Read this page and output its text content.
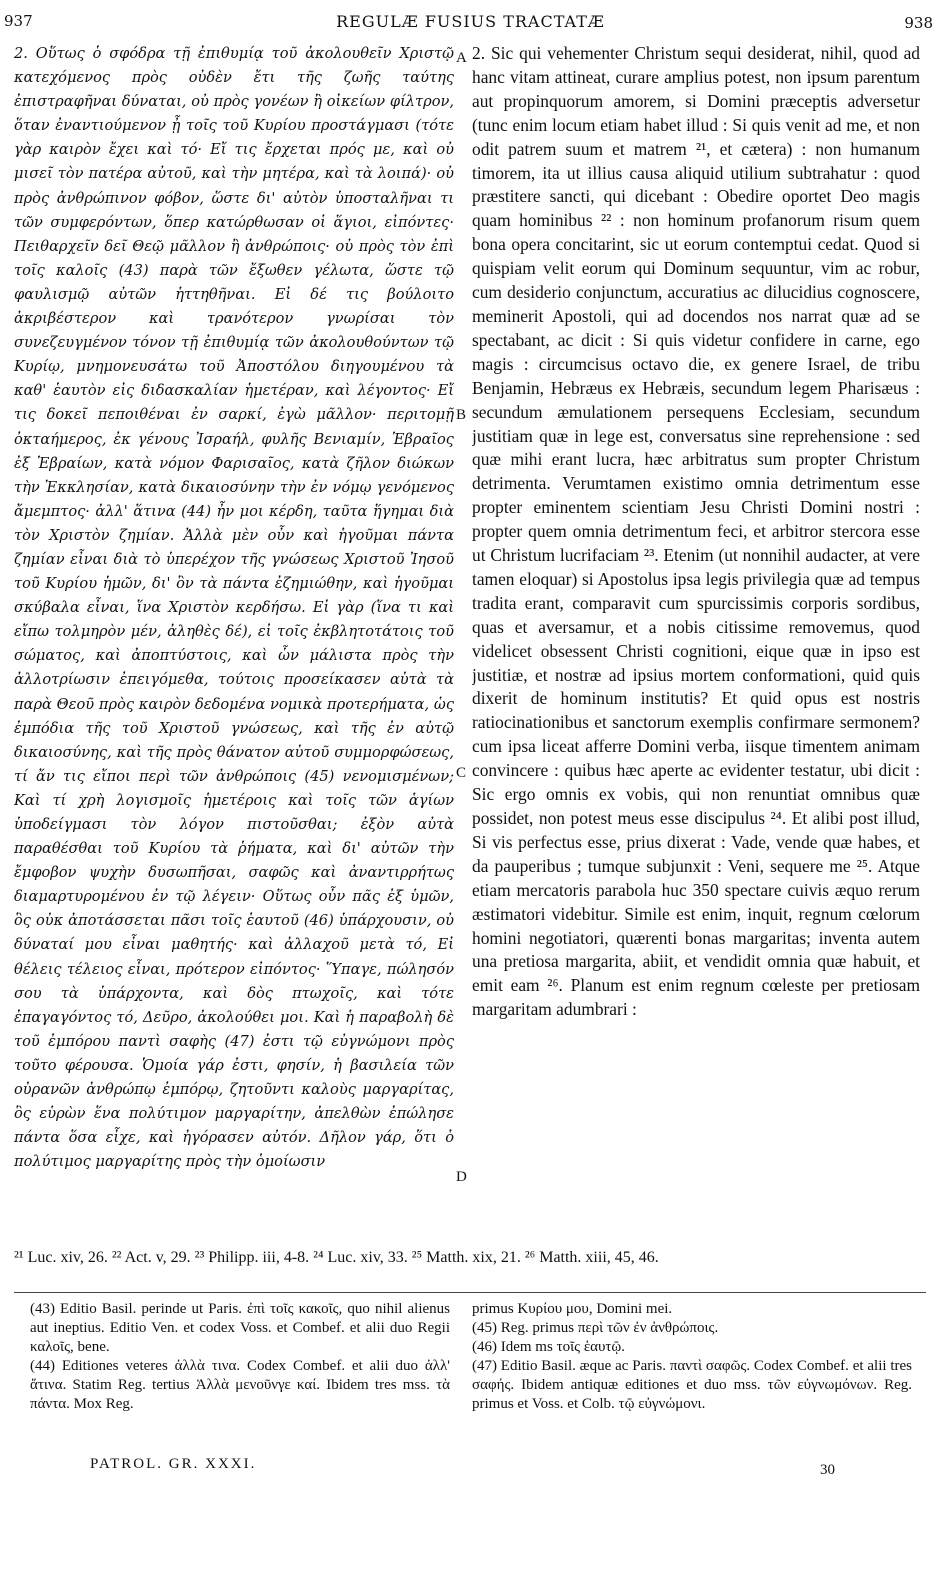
937	REGULÆ FUSIUS TRACTATÆ	938

2. Οὕτως ὁ σφόδρα τῇ ἐπιθυμίᾳ τοῦ ἀκολουθεῖν Χριστῷ κατεχόμενος πρὸς οὐδὲν ἔτι τῆς ζωῆς ταύτης ἐπιστραφῆναι δύναται, οὐ πρὸς γονέων ἢ οἰκείων φίλτρον, ὅταν ἐναντιούμενον ᾖ τοῖς τοῦ Κυρίου προστάγμασι (τότε γὰρ καιρὸν ἔχει καὶ τό· Εἴ τις ἔρχεται πρός με, καὶ οὐ μισεῖ τὸν πατέρα αὐτοῦ, καὶ τὴν μητέρα, καὶ τὰ λοιπά)· οὐ πρὸς ἀνθρώπινον φόβον, ὥστε δι' αὐτὸν ὑποσταλῆναι τι τῶν συμφερόντων, ὅπερ κατώρθωσαν οἱ ἅγιοι, εἰπόντες· Πειθαρχεῖν δεῖ Θεῷ μᾶλλον ἢ ἀνθρώποις· οὐ πρὸς τὸν ἐπὶ τοῖς καλοῖς (43) παρὰ τῶν ἔξωθεν γέλωτα, ὥστε τῷ φαυλισμῷ αὐτῶν ἡττηθῆναι. Εἰ δέ τις βούλοιτο ἀκριβέστερον καὶ τρανότερον γνωρίσαι τὸν συνεζευγμένον τόνον τῇ ἐπιθυμίᾳ τῶν ἀκολουθούντων τῷ Κυρίῳ, μνημονευσάτω τοῦ Ἀποστόλου διηγουμένου τὰ καθ' ἑαυτὸν εἰς διδασκαλίαν ἡμετέραν, καὶ λέγοντος· Εἴ τις δοκεῖ πεποιθέναι ἐν σαρκί, ἐγὼ μᾶλλον· περιτομῇ ὀκταήμερος, ἐκ γένους Ἰσραήλ, φυλῆς Βενιαμίν, Ἑβραῖος ἐξ Ἑβραίων, κατὰ νόμον Φαρισαῖος, κατὰ ζῆλον διώκων τὴν Ἐκκλησίαν, κατὰ δικαιοσύνην τὴν ἐν νόμῳ γενόμενος ἄμεμπτος· ἀλλ' ἅτινα (44) ἦν μοι κέρδη, ταῦτα ἥγημαι διὰ τὸν Χριστὸν ζημίαν. Ἀλλὰ μὲν οὖν καὶ ἡγοῦμαι πάντα ζημίαν εἶναι διὰ τὸ ὑπερέχον τῆς γνώσεως Χριστοῦ Ἰησοῦ τοῦ Κυρίου ἡμῶν, δι' ὃν τὰ πάντα ἐζημιώθην, καὶ ἡγοῦμαι σκύβαλα εἶναι, ἵνα Χριστὸν κερδήσω. Εἰ γὰρ (ἵνα τι καὶ εἴπω τολμηρὸν μέν, ἀληθὲς δέ), εἰ τοῖς ἐκβλητοτάτοις τοῦ σώματος, καὶ ἀποπτύστοις, καὶ ὧν μάλιστα πρὸς τὴν ἀλλοτρίωσιν ἐπειγόμεθα, τούτοις προσείκασεν αὐτὰ τὰ παρὰ Θεοῦ πρὸς καιρὸν δεδομένα νομικὰ προτερήματα, ὡς ἐμπόδια τῆς τοῦ Χριστοῦ γνώσεως, καὶ τῆς ἐν αὐτῷ δικαιοσύνης, καὶ τῆς πρὸς θάνατον αὐτοῦ συμμορφώσεως, τί ἄν τις εἴποι περὶ τῶν ἀνθρώποις (45) νενομισμένων; Καὶ τί χρὴ λογισμοῖς ἡμετέροις καὶ τοῖς τῶν ἁγίων ὑποδείγμασι τὸν λόγον πιστοῦσθαι; ἐξὸν αὐτὰ παραθέσθαι τοῦ Κυρίου τὰ ῥήματα, καὶ δι' αὐτῶν τὴν ἔμφοβον ψυχὴν δυσωπῆσαι, σαφῶς καὶ ἀναντιρρήτως διαμαρτυρομένου ἐν τῷ λέγειν· Οὕτως οὖν πᾶς ἐξ ὑμῶν, ὃς οὐκ ἀποτάσσεται πᾶσι τοῖς ἑαυτοῦ (46) ὑπάρχουσιν, οὐ δύναταί μου εἶναι μαθητής· καὶ ἀλλαχοῦ μετὰ τό, Εἰ θέλεις τέλειος εἶναι, πρότερον εἰπόντος· Ὕπαγε, πώλησόν σου τὰ ὑπάρχοντα, καὶ δὸς πτωχοῖς, καὶ τότε ἐπαγαγόντος τό, Δεῦρο, ἀκολούθει μοι. Καὶ ἡ παραβολὴ δὲ τοῦ ἐμπόρου παντὶ σαφὴς (47) ἐστι τῷ εὐγνώμονι πρὸς τοῦτο φέρουσα. Ὁμοία γάρ ἐστι, φησίν, ἡ βασιλεία τῶν οὐρανῶν ἀνθρώπῳ ἐμπόρῳ, ζητοῦντι καλοὺς μαργαρίτας, ὃς εὑρὼν ἕνα πολύτιμον μαργαρίτην, ἀπελθὼν ἐπώλησε πάντα ὅσα εἶχε, καὶ ἠγόρασεν αὐτόν. Δῆλον γάρ, ὅτι ὁ πολύτιμος μαργαρίτης πρὸς τὴν ὁμοίωσιν

2. Sic qui vehementer Christum sequi desiderat, nihil, quod ad hanc vitam attineat, curare amplius potest, non ipsum parentum aut propinquorum amorem, si Domini præceptis adversetur (tunc enim locum etiam habet illud : Si quis venit ad me, et non odit patrem suum et matrem ²¹, et cætera) : non humanum timorem, ita ut illius causa aliquid utilium subtrahatur : quod præstitere sancti, qui dicebant : Obedire oportet Deo magis quam hominibus ²² : non hominum profanorum risum quem bona opera concitarint, sic ut eorum contemptui cedat. Quod si quispiam velit eorum qui Dominum sequuntur, vim ac robur, cum desiderio conjunctum, accuratius ac dilucidius cognoscere, meminerit Apostoli, qui ad docendos nos narrat quæ ad se spectabant, ac dicit : Si quis videtur confidere in carne, ego magis : circumcisus octavo die, ex genere Israel, de tribu Benjamin, Hebræus ex Hebræis, secundum legem Pharisæus : secundum æmulationem persequens Ecclesiam, secundum justitiam quæ in lege est, conversatus sine reprehensione : sed quæ mihi erant lucra, hæc arbitratus sum propter Christum detrimenta. Verumtamen existimo omnia detrimentum esse propter eminentem scientiam Jesu Christi Domini nostri : propter quem omnia detrimentum feci, et arbitror stercora esse ut Christum lucrifaciam ²³. Etenim (ut nonnihil audacter, at vere tamen eloquar) si Apostolus ipsa legis privilegia quæ ad tempus tradita erant, comparavit cum spurcissimis corporis sordibus, quas et aversamur, et a nobis citissime removemus, quod videlicet obsessent Christi cognitioni, eique quæ in ipso est justitiæ, et nostræ ad ipsius mortem conformationi, quid quis dixerit de hominum institutis? Et quid opus est nostris ratiocinationibus et sanctorum exemplis confirmare sermonem? cum ipsa liceat afferre Domini verba, iisque timentem animam convincere : quibus hæc aperte ac evidenter testatur, ubi dicit : Sic ergo omnis ex vobis, qui non renuntiat omnibus quæ possidet, non potest meus esse discipulus ²⁴. Et alibi post illud, Si vis perfectus esse, prius dixerat : Vade, vende quæ habes, et da pauperibus ; tumque subjunxit : Veni, sequere me ²⁵. Atque etiam mercatoris parabola huc 350 spectare cuivis æquo rerum æstimatori videbitur. Simile est enim, inquit, regnum cœlorum homini negotiatori, quærenti bonas margaritas; inventa autem una pretiosa margarita, abiit, et vendidit omnia quæ habuit, et emit eam ²⁶. Planum est enim regnum cœleste per pretiosam margaritam adumbrari :

A
B
C
D
²¹ Luc. xiv, 26. ²² Act. v, 29. ²³ Philipp. iii, 4-8. ²⁴ Luc. xiv, 33. ²⁵ Matth. xix, 21. ²⁶ Matth. xiii, 45, 46.

(43) Editio Basil. perinde ut Paris. ἐπὶ τοῖς κακοῖς, quo nihil alienus aut ineptius. Editio Ven. et codex Voss. et Combef. et alii duo Regii καλοῖς, bene.

(44) Editiones veteres ἀλλὰ τινα. Codex Combef. et alii duo ἀλλ' ἅτινα. Statim Reg. tertius Ἀλλὰ μενοῦνγε καί. Ibidem tres mss. τὰ πάντα. Mox Reg.

primus Κυρίου μου, Domini mei.

(45) Reg. primus περὶ τῶν ἐν ἀνθρώποις.

(46) Idem ms τοῖς ἑαυτῷ.

(47) Editio Basil. æque ac Paris. παντὶ σαφῶς. Codex Combef. et alii tres σαφής. Ibidem antiquæ editiones et duo mss. τῶν εὐγνωμόνων. Reg. primus et Voss. et Colb. τῷ εὐγνώμονι.

PATROL. GR. XXXI.	30
